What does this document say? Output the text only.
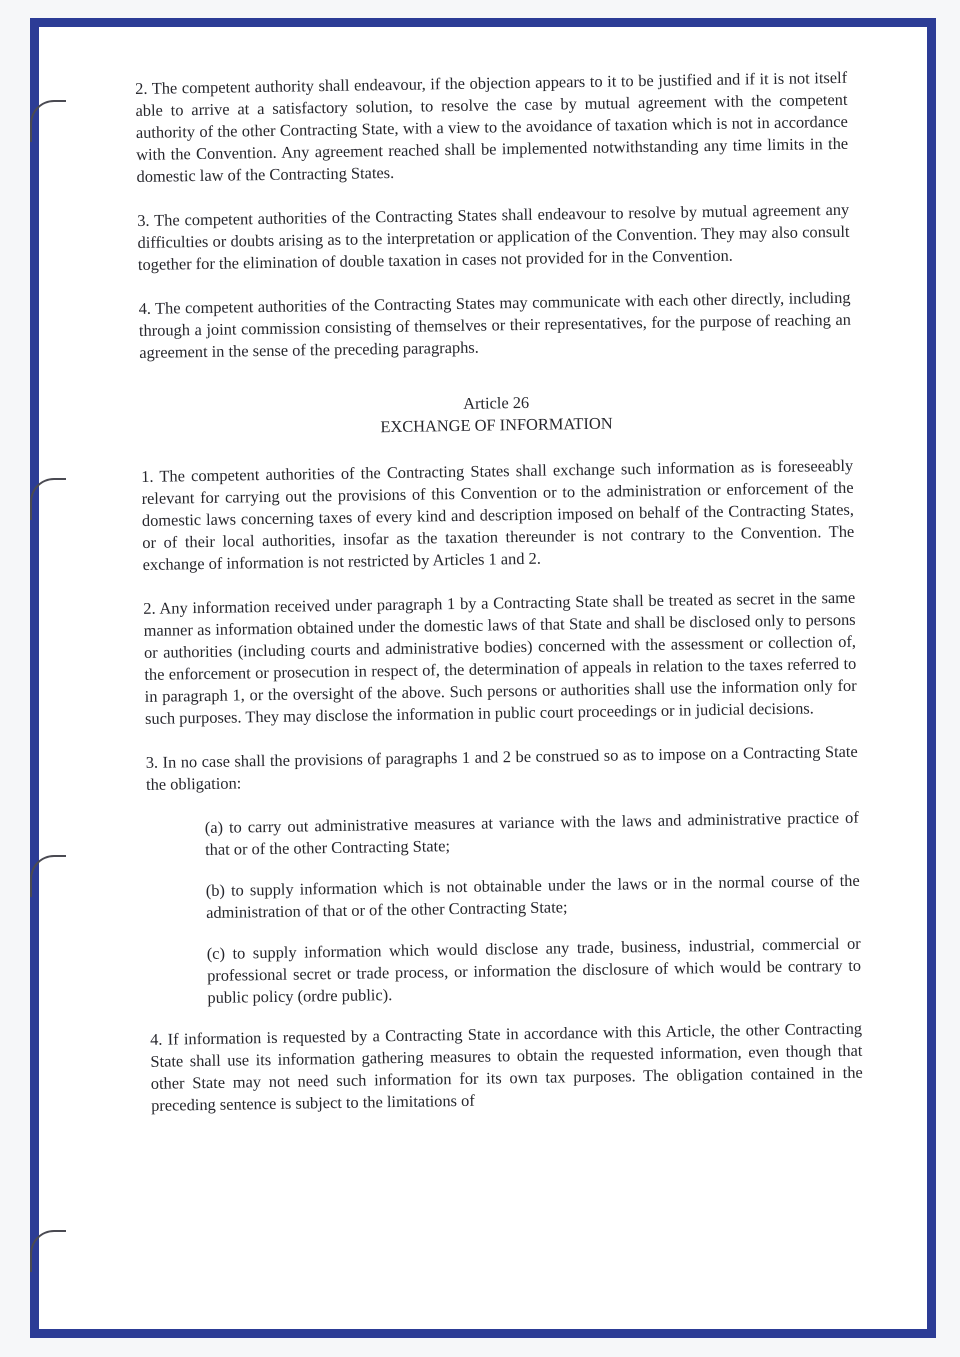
2. The competent authority shall endeavour, if the objection appears to it to be justified and if it is not itself able to arrive at a satisfactory solution, to resolve the case by mutual agreement with the competent authority of the other Contracting State, with a view to the avoidance of taxation which is not in accordance with the Convention. Any agreement reached shall be implemented notwithstanding any time limits in the domestic law of the Contracting States.

3. The competent authorities of the Contracting States shall endeavour to resolve by mutual agreement any difficulties or doubts arising as to the interpretation or application of the Convention. They may also consult together for the elimination of double taxation in cases not provided for in the Convention.

4. The competent authorities of the Contracting States may communicate with each other directly, including through a joint commission consisting of themselves or their representatives, for the purpose of reaching an agreement in the sense of the preceding paragraphs.

Article 26
EXCHANGE OF INFORMATION

1. The competent authorities of the Contracting States shall exchange such information as is foreseeably relevant for carrying out the provisions of this Convention or to the administration or enforcement of the domestic laws concerning taxes of every kind and description imposed on behalf of the Contracting States, or of their local authorities, insofar as the taxation thereunder is not contrary to the Convention. The exchange of information is not restricted by Articles 1 and 2.

2. Any information received under paragraph 1 by a Contracting State shall be treated as secret in the same manner as information obtained under the domestic laws of that State and shall be disclosed only to persons or authorities (including courts and administrative bodies) concerned with the assessment or collection of, the enforcement or prosecution in respect of, the determination of appeals in relation to the taxes referred to in paragraph 1, or the oversight of the above. Such persons or authorities shall use the information only for such purposes. They may disclose the information in public court proceedings or in judicial decisions.

3. In no case shall the provisions of paragraphs 1 and 2 be construed so as to impose on a Contracting State the obligation:

(a) to carry out administrative measures at variance with the laws and administrative practice of that or of the other Contracting State;

(b) to supply information which is not obtainable under the laws or in the normal course of the administration of that or of the other Contracting State;

(c) to supply information which would disclose any trade, business, industrial, commercial or professional secret or trade process, or information the disclosure of which would be contrary to public policy (ordre public).

4. If information is requested by a Contracting State in accordance with this Article, the other Contracting State shall use its information gathering measures to obtain the requested information, even though that other State may not need such information for its own tax purposes. The obligation contained in the preceding sentence is subject to the limitations of
